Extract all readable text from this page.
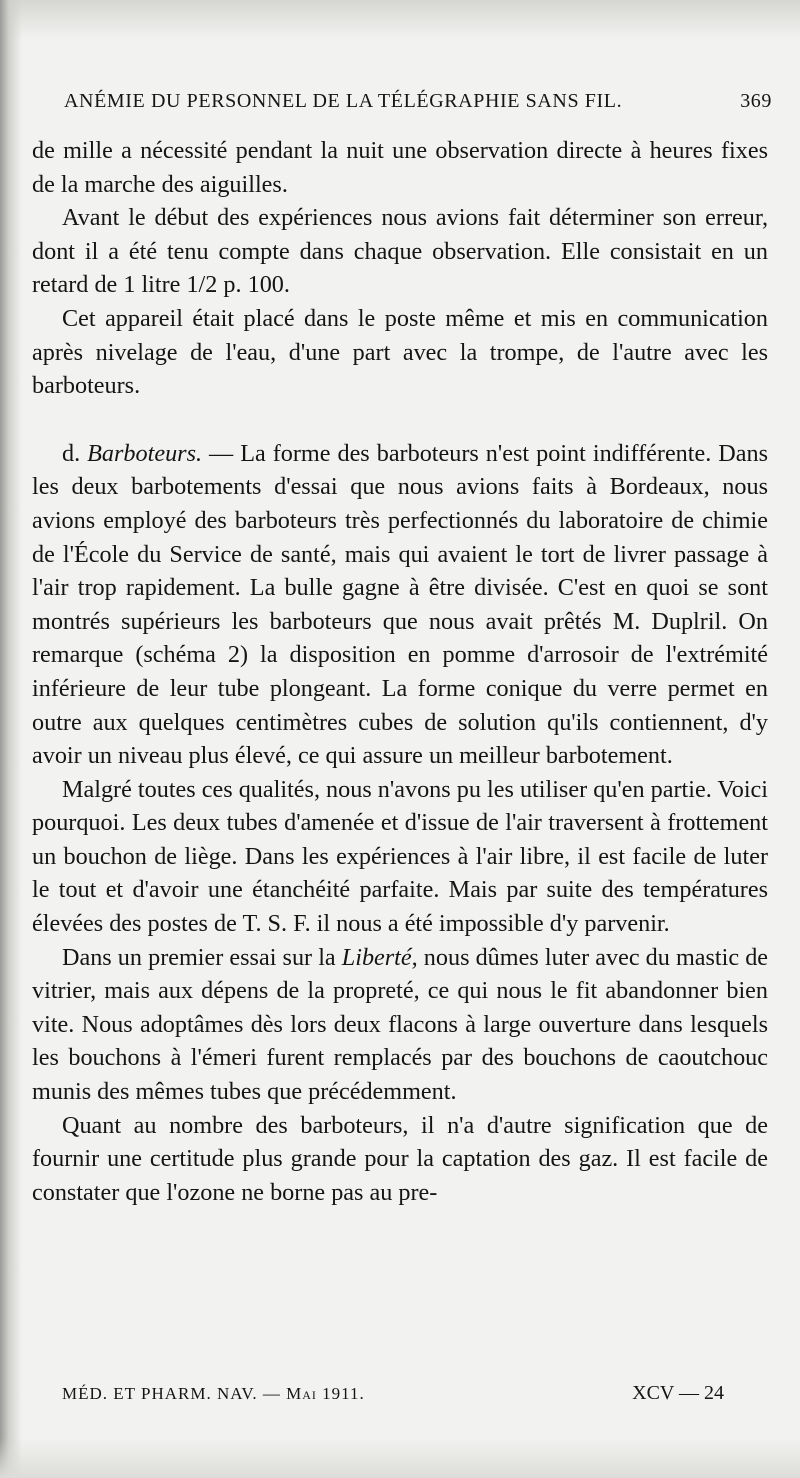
ANÉMIE DU PERSONNEL DE LA TÉLÉGRAPHIE SANS FIL.	369

de mille a nécessité pendant la nuit une observation directe à heures fixes de la marche des aiguilles.

Avant le début des expériences nous avions fait déterminer son erreur, dont il a été tenu compte dans chaque observation. Elle consistait en un retard de 1 litre 1/2 p. 100.

Cet appareil était placé dans le poste même et mis en communication après nivelage de l'eau, d'une part avec la trompe, de l'autre avec les barboteurs.

d. Barboteurs. — La forme des barboteurs n'est point indifférente. Dans les deux barbotements d'essai que nous avions faits à Bordeaux, nous avions employé des barboteurs très perfectionnés du laboratoire de chimie de l'École du Service de santé, mais qui avaient le tort de livrer passage à l'air trop rapidement. La bulle gagne à être divisée. C'est en quoi se sont montrés supérieurs les barboteurs que nous avait prêtés M. Duplril. On remarque (schéma 2) la disposition en pomme d'arrosoir de l'extrémité inférieure de leur tube plongeant. La forme conique du verre permet en outre aux quelques centimètres cubes de solution qu'ils contiennent, d'y avoir un niveau plus élevé, ce qui assure un meilleur barbotement.

Malgré toutes ces qualités, nous n'avons pu les utiliser qu'en partie. Voici pourquoi. Les deux tubes d'amenée et d'issue de l'air traversent à frottement un bouchon de liège. Dans les expériences à l'air libre, il est facile de luter le tout et d'avoir une étanchéité parfaite. Mais par suite des températures élevées des postes de T. S. F. il nous a été impossible d'y parvenir.

Dans un premier essai sur la Liberté, nous dûmes luter avec du mastic de vitrier, mais aux dépens de la propreté, ce qui nous le fit abandonner bien vite. Nous adoptâmes dès lors deux flacons à large ouverture dans lesquels les bouchons à l'émeri furent remplacés par des bouchons de caoutchouc munis des mêmes tubes que précédemment.

Quant au nombre des barboteurs, il n'a d'autre signification que de fournir une certitude plus grande pour la captation des gaz. Il est facile de constater que l'ozone ne borne pas au pre-

MÉD. ET PHARM. NAV. — Mai 1911.	XCV — 24
